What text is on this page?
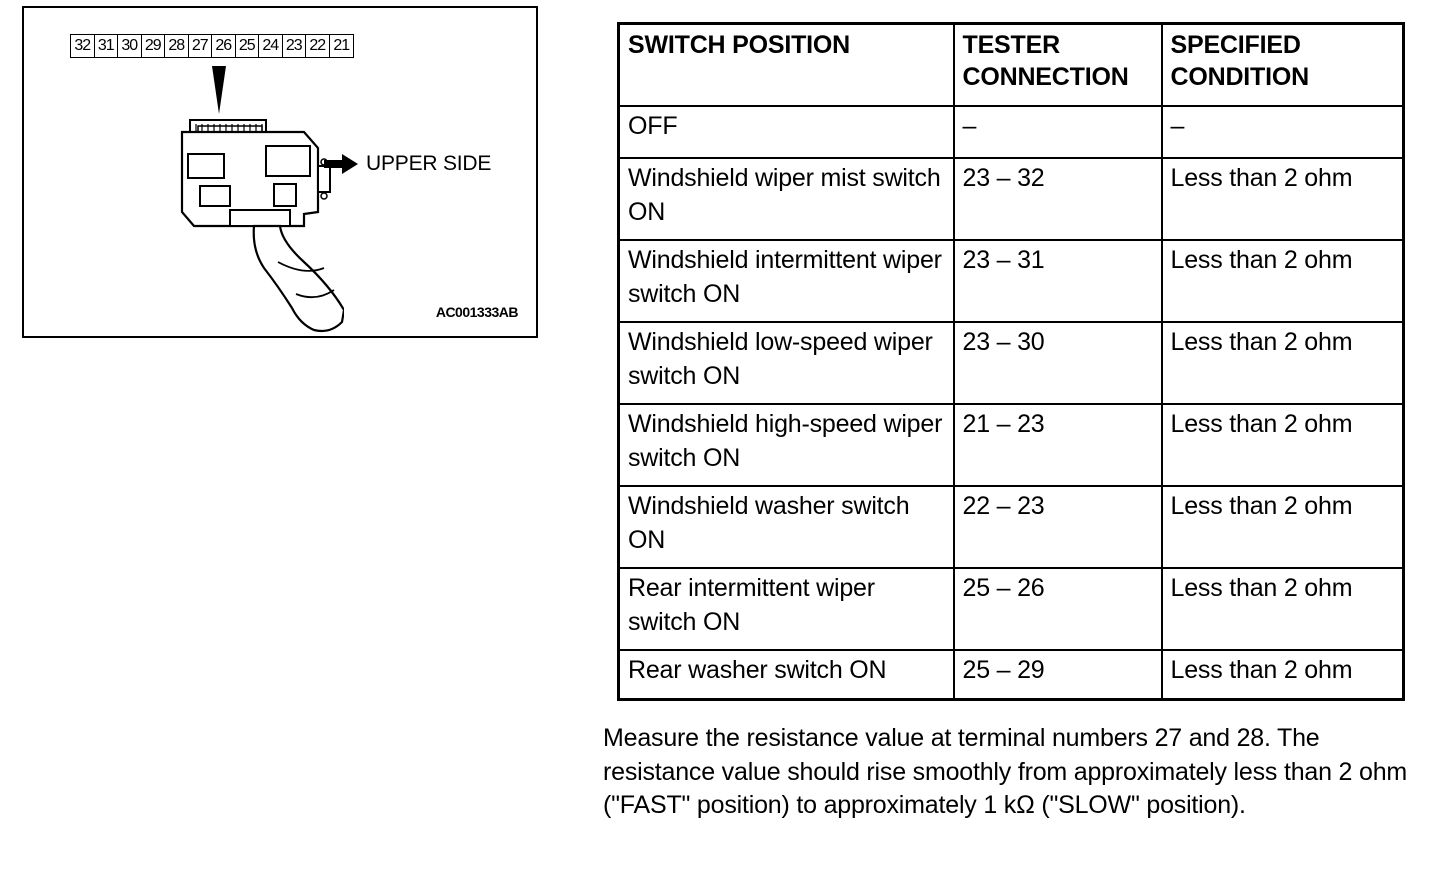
32 31 30 29 28 27 26 25 24 23 22 21
UPPER SIDE
AC001333AB
SWITCH POSITION	TESTER CONNECTION	SPECIFIED CONDITION
OFF	–	–
Windshield wiper mist switch ON	23 – 32	Less than 2 ohm
Windshield intermittent wiper switch ON	23 – 31	Less than 2 ohm
Windshield low-speed wiper switch ON	23 – 30	Less than 2 ohm
Windshield high-speed wiper switch ON	21 – 23	Less than 2 ohm
Windshield washer switch ON	22 – 23	Less than 2 ohm
Rear intermittent wiper switch ON	25 – 26	Less than 2 ohm
Rear washer switch ON	25 – 29	Less than 2 ohm

Measure the resistance value at terminal numbers 27 and 28. The resistance value should rise smoothly from approximately less than 2 ohm ("FAST" position) to approximately 1 kΩ ("SLOW" position).
